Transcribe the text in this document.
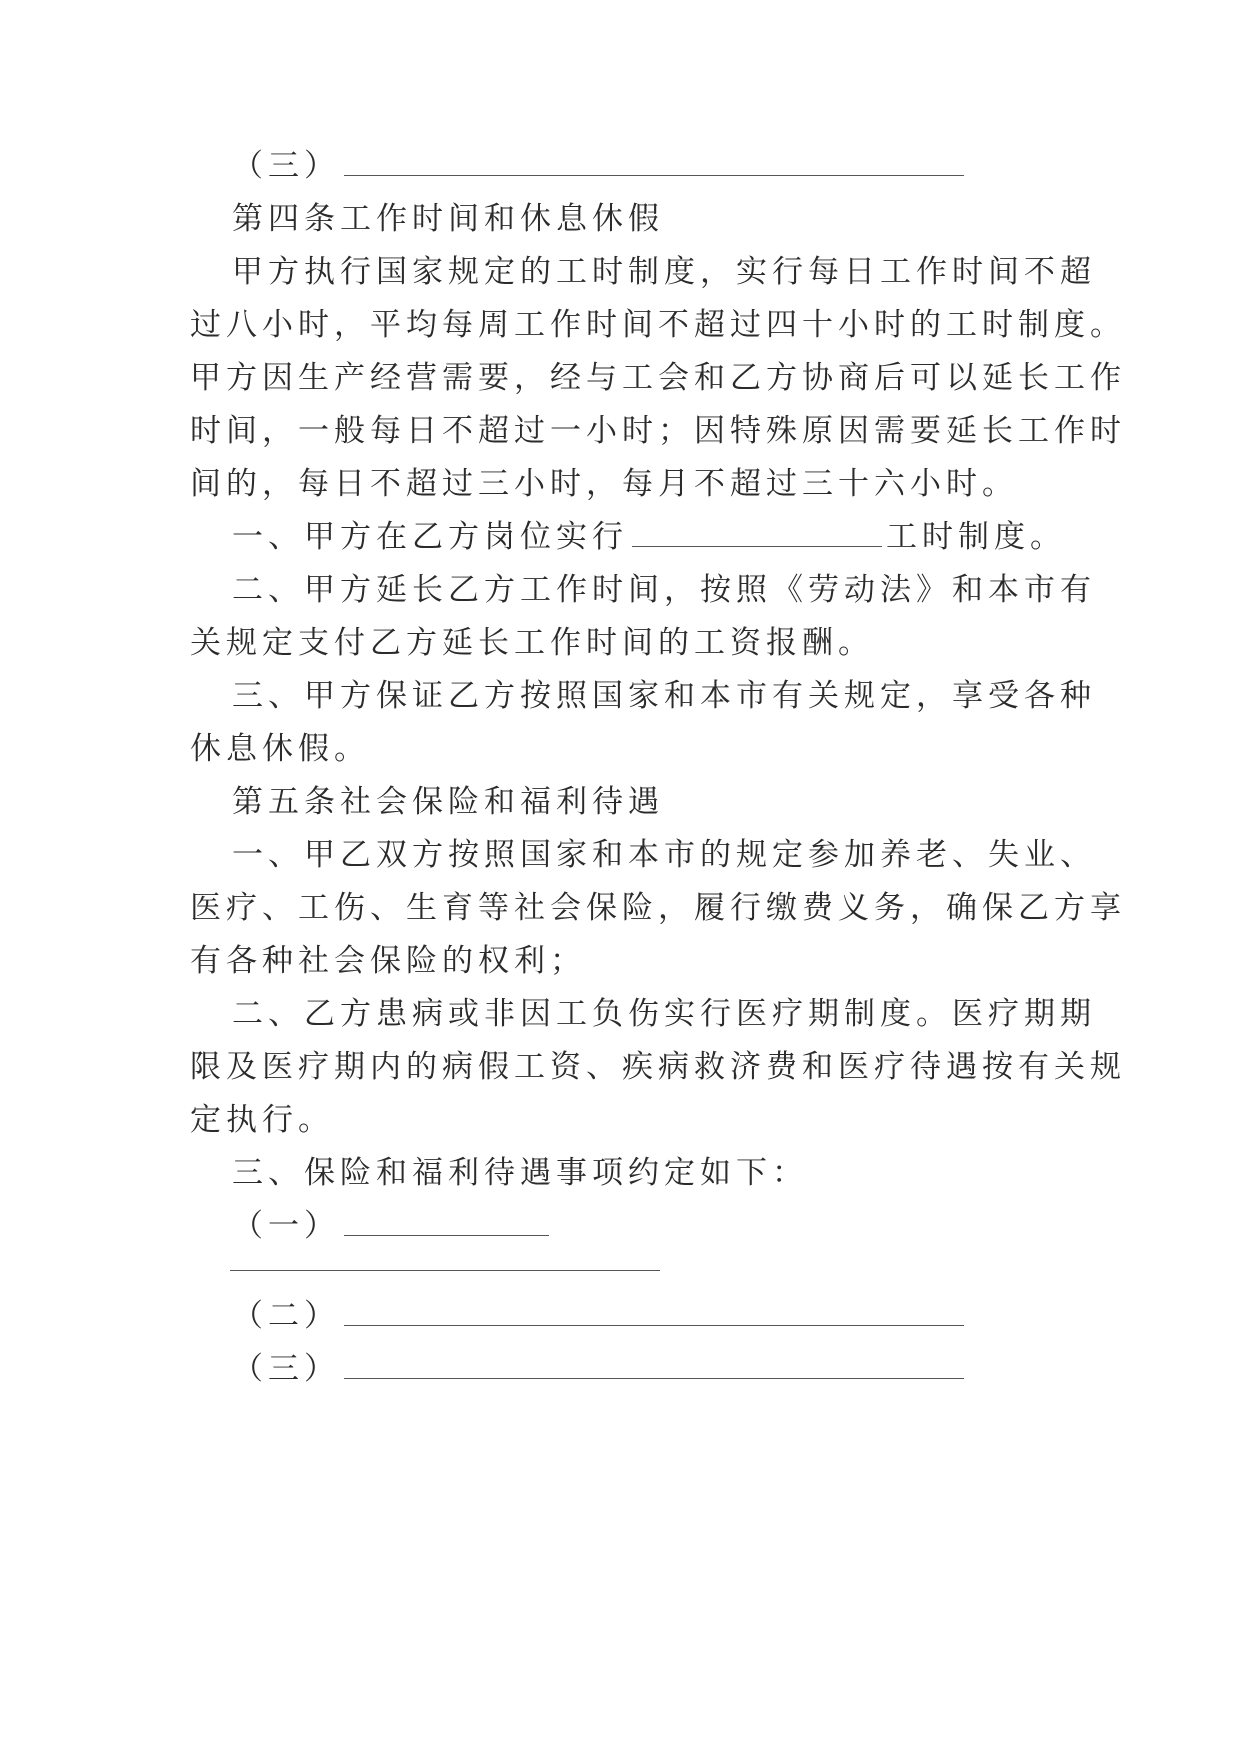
（三）
第四条工作时间和休息休假
甲方执行国家规定的工时制度，实行每日工作时间不超
过八小时，平均每周工作时间不超过四十小时的工时制度。
甲方因生产经营需要，经与工会和乙方协商后可以延长工作
时间，一般每日不超过一小时；因特殊原因需要延长工作时
间的，每日不超过三小时，每月不超过三十六小时。
一、甲方在乙方岗位实行	工时制度。
二、甲方延长乙方工作时间，按照《劳动法》和本市有
关规定支付乙方延长工作时间的工资报酬。
三、甲方保证乙方按照国家和本市有关规定，享受各种
休息休假。
第五条社会保险和福利待遇
一、甲乙双方按照国家和本市的规定参加养老、失业、
医疗、工伤、生育等社会保险，履行缴费义务，确保乙方享
有各种社会保险的权利；
二、乙方患病或非因工负伤实行医疗期制度。医疗期期
限及医疗期内的病假工资、疾病救济费和医疗待遇按有关规
定执行。
三、保险和福利待遇事项约定如下：
（一）
（二）
（三）
